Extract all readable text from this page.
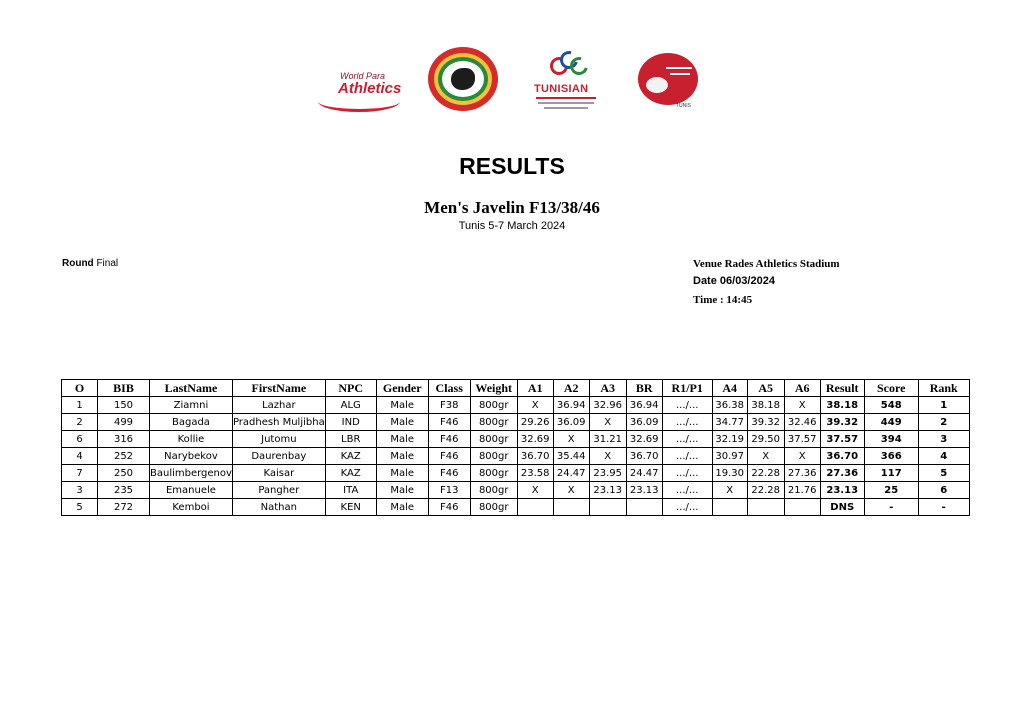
World Para
Athletics	TUNISIAN
TUNIS
RESULTS
Men's Javelin F13/38/46
Tunis 5-7 March 2024
Round Final	Venue Rades Athletics Stadium
Date 06/03/2024
Time : 14:45
O	BIB	LastName	FirstName	NPC	Gender	Class	Weight	A1	A2	A3	BR	R1/P1	A4	A5	A6	Result	Score	Rank
1	150	Ziamni	Lazhar	ALG	Male	F38	800gr	X	36.94	32.96	36.94	.../...	36.38	38.18	X	38.18	548	1
2	499	Bagada	Pradhesh Muljibha	IND	Male	F46	800gr	29.26	36.09	X	36.09	.../...	34.77	39.32	32.46	39.32	449	2
6	316	Kollie	Jutomu	LBR	Male	F46	800gr	32.69	X	31.21	32.69	.../...	32.19	29.50	37.57	37.57	394	3
4	252	Narybekov	Daurenbay	KAZ	Male	F46	800gr	36.70	35.44	X	36.70	.../...	30.97	X	X	36.70	366	4
7	250	Baulimbergenov	Kaisar	KAZ	Male	F46	800gr	23.58	24.47	23.95	24.47	.../...	19.30	22.28	27.36	27.36	117	5
3	235	Emanuele	Pangher	ITA	Male	F13	800gr	X	X	23.13	23.13	.../...	X	22.28	21.76	23.13	25	6
5	272	Kemboi	Nathan	KEN	Male	F46	800gr					.../...				DNS	-	-
